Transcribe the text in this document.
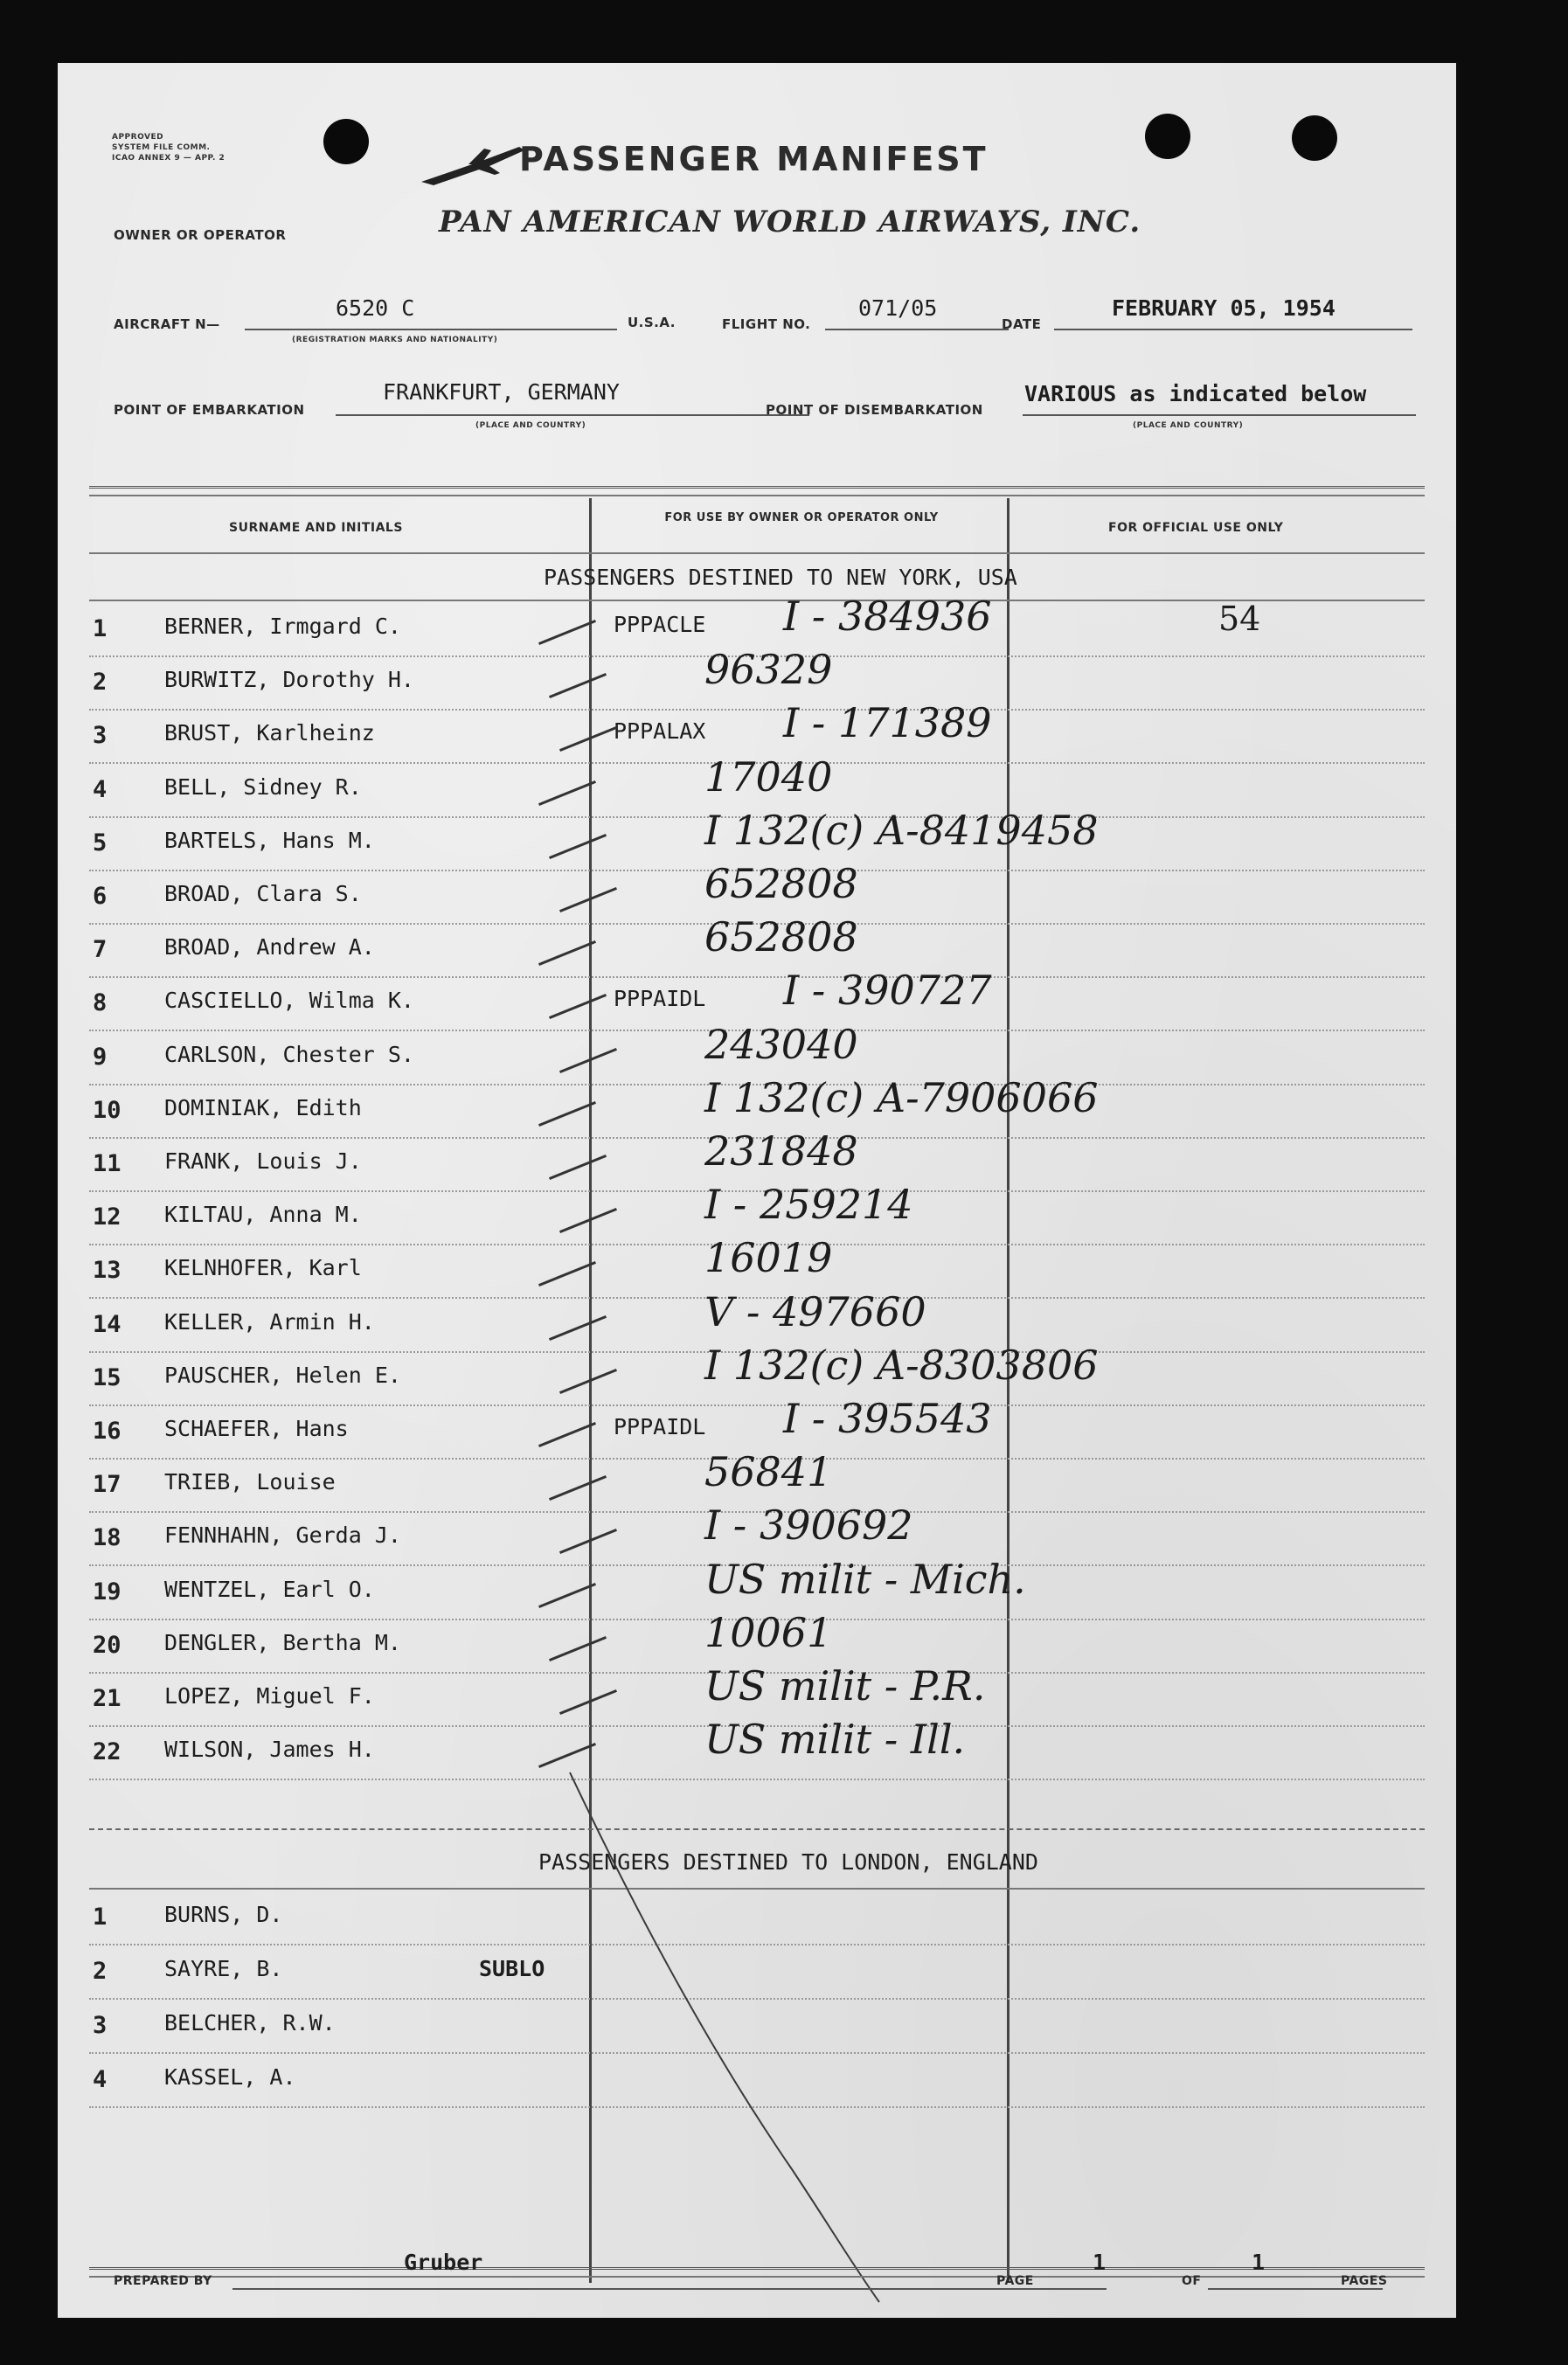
APPROVED
SYSTEM FILE COMM.
ICAO ANNEX 9 — APP. 2	PASSENGER MANIFEST
OWNER OR OPERATOR	PAN AMERICAN WORLD AIRWAYS, INC.
AIRCRAFT N—
6520 C
(REGISTRATION MARKS AND NATIONALITY)
U.S.A.	FLIGHT NO.
071/05
DATE
FEBRUARY 05, 1954
POINT OF EMBARKATION
FRANKFURT, GERMANY
(PLACE AND COUNTRY)
POINT OF DISEMBARKATION
VARIOUS as indicated below
(PLACE AND COUNTRY)
SURNAME AND INITIALS
FOR USE BY OWNER OR OPERATOR ONLY
FOR OFFICIAL USE ONLY
PASSENGERS DESTINED TO NEW YORK, USA
1	BERNER, Irmgard C.	PPPACLE I - 384936	54
2	BURWITZ, Dorothy H.	96329
3	BRUST, Karlheinz	PPPALAX I - 171389
4	BELL, Sidney R.	17040
5	BARTELS, Hans M.	I 132(c) A-8419458
6	BROAD, Clara S.	652808
7	BROAD, Andrew A.	652808
8	CASCIELLO, Wilma K.	PPPAIDL I - 390727
9	CARLSON, Chester S.	243040
10 DOMINIAK, Edith	I 132(c) A-7906066
11 FRANK, Louis J.	231848
12 KILTAU, Anna M.	I - 259214
13 KELNHOFER, Karl	16019
14 KELLER, Armin H.	V - 497660
15 PAUSCHER, Helen E.	I 132(c) A-8303806
16 SCHAEFER, Hans	PPPAIDL I - 395543
17 TRIEB, Louise	56841
18 FENNHAHN, Gerda J.	I - 390692
19 WENTZEL, Earl O.	US milit - Mich.
20 DENGLER, Bertha M.	10061
21 LOPEZ, Miguel F.	US milit - P.R.
22 WILSON, James H.	US milit - Ill.
PASSENGERS DESTINED TO LONDON, ENGLAND
1	BURNS, D.
2	SAYRE, B.	SUBLO
3	BELCHER, R.W.
4	KASSEL, A.
PREPARED BY
Gruber
PAGE
1
OF
1
PAGES
